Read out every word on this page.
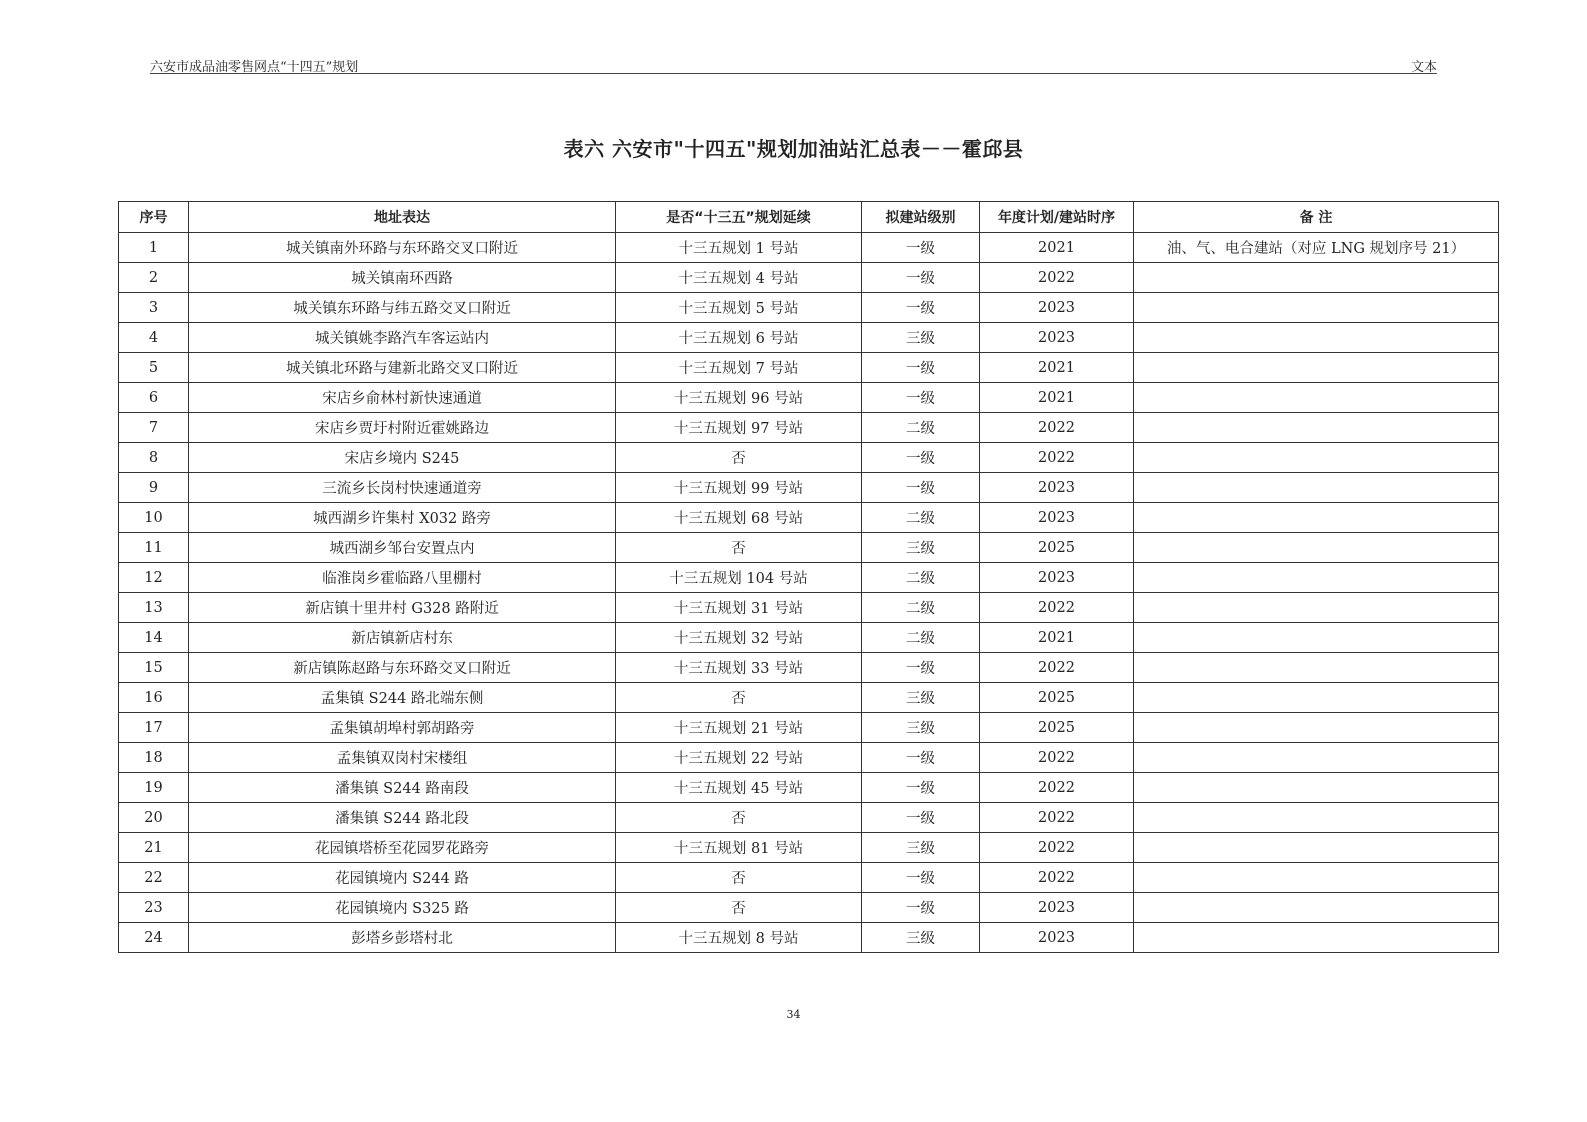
六安市成品油零售网点“十四五”规划	文本
表六 六安市"十四五"规划加油站汇总表－－霍邱县
序号	地址表达	是否“十三五”规划延续	拟建站级别	年度计划/建站时序	备 注
1	城关镇南外环路与东环路交叉口附近	十三五规划 1 号站	一级	2021	油、气、电合建站（对应 LNG 规划序号 21）
2	城关镇南环西路	十三五规划 4 号站	一级	2022	
3	城关镇东环路与纬五路交叉口附近	十三五规划 5 号站	一级	2023	
4	城关镇姚李路汽车客运站内	十三五规划 6 号站	三级	2023	
5	城关镇北环路与建新北路交叉口附近	十三五规划 7 号站	一级	2021	
6	宋店乡俞林村新快速通道	十三五规划 96 号站	一级	2021	
7	宋店乡贾圩村附近霍姚路边	十三五规划 97 号站	二级	2022	
8	宋店乡境内 S245	否	一级	2022	
9	三流乡长岗村快速通道旁	十三五规划 99 号站	一级	2023	
10	城西湖乡许集村 X032 路旁	十三五规划 68 号站	二级	2023	
11	城西湖乡邹台安置点内	否	三级	2025	
12	临淮岗乡霍临路八里棚村	十三五规划 104 号站	二级	2023	
13	新店镇十里井村 G328 路附近	十三五规划 31 号站	二级	2022	
14	新店镇新店村东	十三五规划 32 号站	二级	2021	
15	新店镇陈赵路与东环路交叉口附近	十三五规划 33 号站	一级	2022	
16	孟集镇 S244 路北端东侧	否	三级	2025	
17	孟集镇胡埠村郭胡路旁	十三五规划 21 号站	三级	2025	
18	孟集镇双岗村宋楼组	十三五规划 22 号站	一级	2022	
19	潘集镇 S244 路南段	十三五规划 45 号站	一级	2022	
20	潘集镇 S244 路北段	否	一级	2022	
21	花园镇塔桥至花园罗花路旁	十三五规划 81 号站	三级	2022	
22	花园镇境内 S244 路	否	一级	2022	
23	花园镇境内 S325 路	否	一级	2023	
24	彭塔乡彭塔村北	十三五规划 8 号站	三级	2023	
34
